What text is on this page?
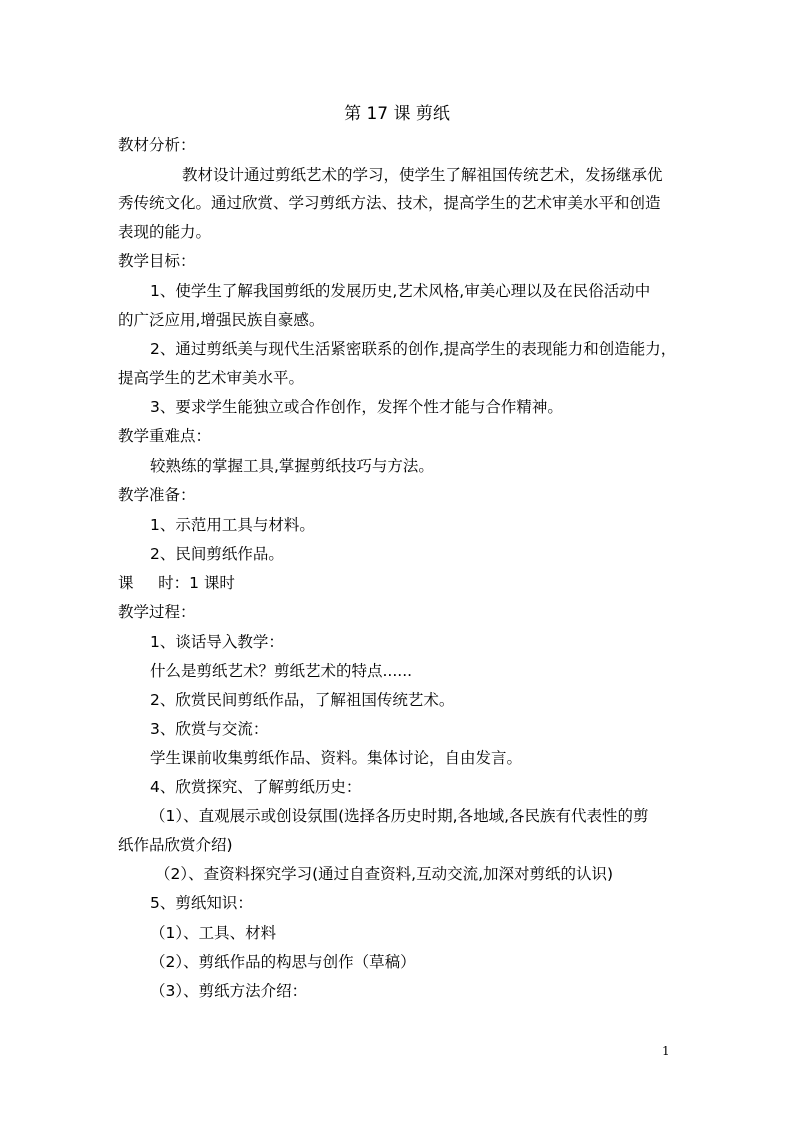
第 17 课 剪纸
教材分析：
教材设计通过剪纸艺术的学习，使学生了解祖国传统艺术，发扬继承优
秀传统文化。通过欣赏、学习剪纸方法、技术，提高学生的艺术审美水平和创造
表现的能力。
教学目标：
1、使学生了解我国剪纸的发展历史,艺术风格,审美心理以及在民俗活动中
的广泛应用,增强民族自豪感。
2、通过剪纸美与现代生活紧密联系的创作,提高学生的表现能力和创造能力，
提高学生的艺术审美水平。
3、要求学生能独立或合作创作，发挥个性才能与合作精神。
教学重难点：
较熟练的掌握工具,掌握剪纸技巧与方法。
教学准备：
1、示范用工具与材料。
2、民间剪纸作品。
课     时：1 课时
教学过程：
1、谈话导入教学：
什么是剪纸艺术？剪纸艺术的特点......
2、欣赏民间剪纸作品，了解祖国传统艺术。
3、欣赏与交流：
学生课前收集剪纸作品、资料。集体讨论，自由发言。
4、欣赏探究、了解剪纸历史：
（1）、直观展示或创设氛围(选择各历史时期,各地域,各民族有代表性的剪
纸作品欣赏介绍)
（2）、查资料探究学习(通过自查资料,互动交流,加深对剪纸的认识)
5、剪纸知识：
（1）、工具、材料
（2）、剪纸作品的构思与创作（草稿）
（3）、剪纸方法介绍：
1
